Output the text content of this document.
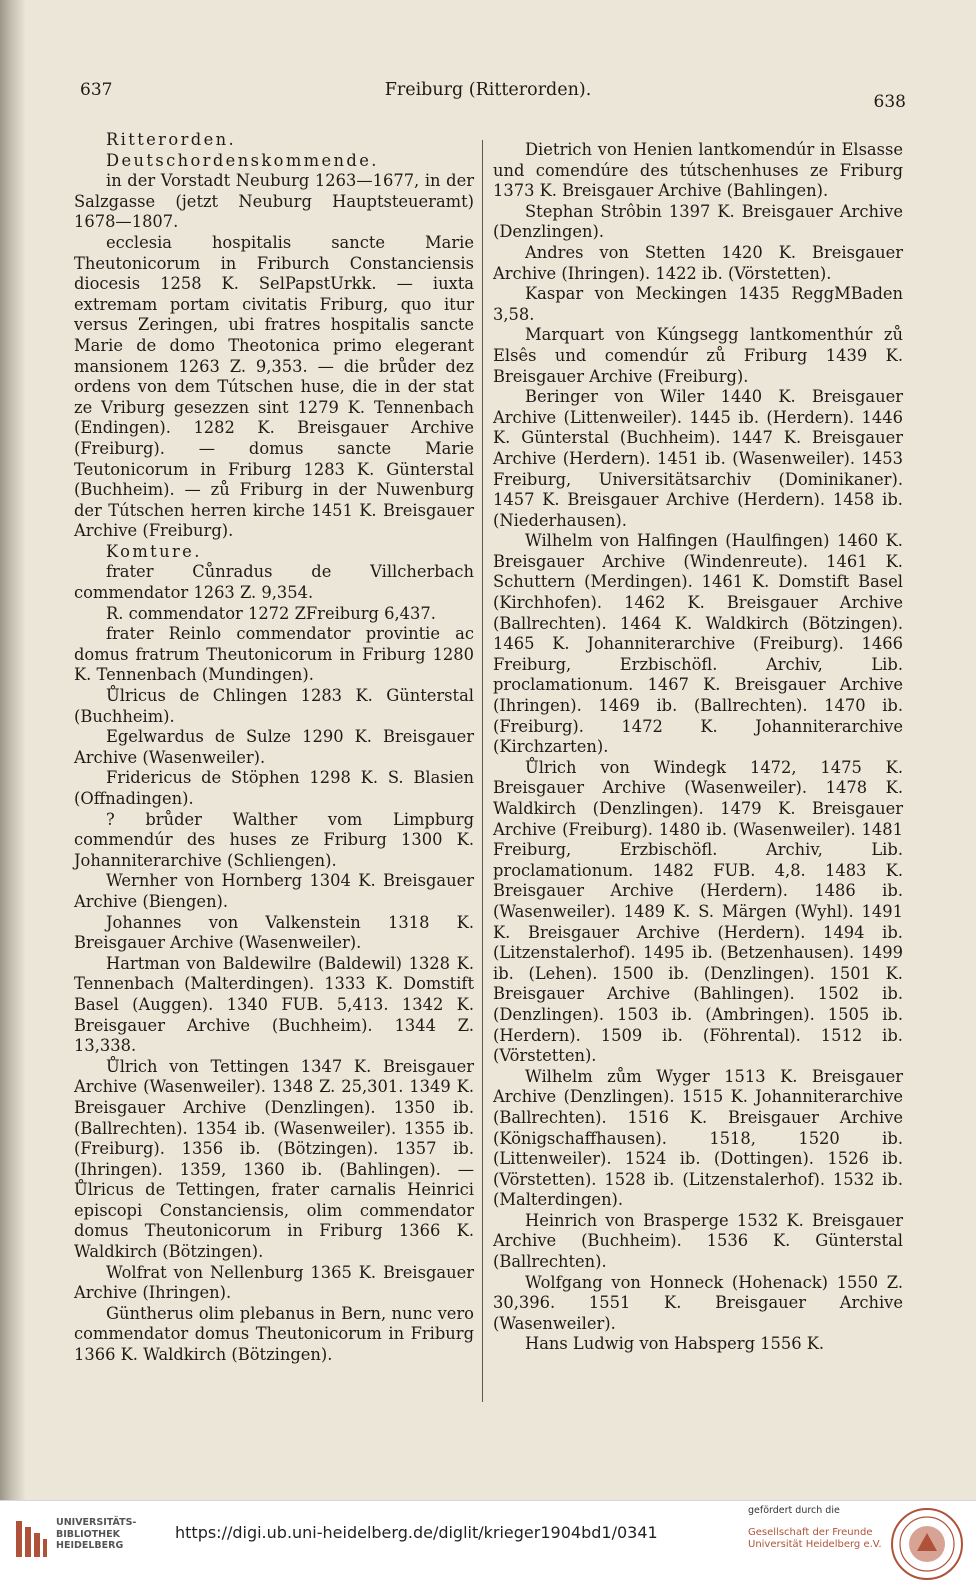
637	Freiburg (Ritterorden).
638

Ritterorden.

Deutschordenskommende.

in der Vorstadt Neuburg 1263—1677, in der Salzgasse (jetzt Neuburg Hauptsteueramt) 1678—1807.

ecclesia hospitalis sancte Marie Theutonicorum in Friburch Constanciensis diocesis 1258 K. SelPapstUrkk. — iuxta extremam portam civitatis Friburg, quo itur versus Zeringen, ubi fratres hospitalis sancte Marie de domo Theotonica primo elegerant mansionem 1263 Z. 9,353. — die brůder dez ordens von dem Tútschen huse, die in der stat ze Vriburg gesezzen sint 1279 K. Tennenbach (Endingen). 1282 K. Breisgauer Archive (Freiburg). — domus sancte Marie Teutonicorum in Friburg 1283 K. Günterstal (Buchheim). — zů Friburg in der Nuwenburg der Tútschen herren kirche 1451 K. Breisgauer Archive (Freiburg).

Komture.

frater Cůnradus de Villcherbach commendator 1263 Z. 9,354.

R. commendator 1272 ZFreiburg 6,437.

frater Reinlo commendator provintie ac domus fratrum Theutonicorum in Friburg 1280 K. Tennenbach (Mundingen).

Ůlricus de Chlingen 1283 K. Günterstal (Buchheim).

Egelwardus de Sulze 1290 K. Breisgauer Archive (Wasenweiler).

Fridericus de Stöphen 1298 K. S. Blasien (Offnadingen).

? brůder Walther vom Limpburg commendúr des huses ze Friburg 1300 K. Johanniterarchive (Schliengen).

Wernher von Hornberg 1304 K. Breisgauer Archive (Biengen).

Johannes von Valkenstein 1318 K. Breisgauer Archive (Wasenweiler).

Hartman von Baldewilre (Baldewil) 1328 K. Tennenbach (Malterdingen). 1333 K. Domstift Basel (Auggen). 1340 FUB. 5,413. 1342 K. Breisgauer Archive (Buchheim). 1344 Z. 13,338.

Ůlrich von Tettingen 1347 K. Breisgauer Archive (Wasenweiler). 1348 Z. 25,301. 1349 K. Breisgauer Archive (Denzlingen). 1350 ib. (Ballrechten). 1354 ib. (Wasenweiler). 1355 ib. (Freiburg). 1356 ib. (Bötzingen). 1357 ib. (Ihringen). 1359, 1360 ib. (Bahlingen). — Ůlricus de Tettingen, frater carnalis Heinrici episcopi Constanciensis, olim commendator domus Theutonicorum in Friburg 1366 K. Waldkirch (Bötzingen).

Wolfrat von Nellenburg 1365 K. Breisgauer Archive (Ihringen).

Güntherus olim plebanus in Bern, nunc vero commendator domus Theutonicorum in Friburg 1366 K. Waldkirch (Bötzingen).

Dietrich von Henien lantkomendúr in Elsasse und comendúre des tútschenhuses ze Friburg 1373 K. Breisgauer Archive (Bahlingen).

Stephan Strôbin 1397 K. Breisgauer Archive (Denzlingen).

Andres von Stetten 1420 K. Breisgauer Archive (Ihringen). 1422 ib. (Vörstetten).

Kaspar von Meckingen 1435 ReggMBaden 3,58.

Marquart von Kúngsegg lantkomenthúr zů Elsês und comendúr zů Friburg 1439 K. Breisgauer Archive (Freiburg).

Beringer von Wiler 1440 K. Breisgauer Archive (Littenweiler). 1445 ib. (Herdern). 1446 K. Günterstal (Buchheim). 1447 K. Breisgauer Archive (Herdern). 1451 ib. (Wasenweiler). 1453 Freiburg, Universitätsarchiv (Dominikaner). 1457 K. Breisgauer Archive (Herdern). 1458 ib. (Niederhausen).

Wilhelm von Halfingen (Haulfingen) 1460 K. Breisgauer Archive (Windenreute). 1461 K. Schuttern (Merdingen). 1461 K. Domstift Basel (Kirchhofen). 1462 K. Breisgauer Archive (Ballrechten). 1464 K. Waldkirch (Bötzingen). 1465 K. Johanniterarchive (Freiburg). 1466 Freiburg, Erzbischöfl. Archiv, Lib. proclamationum. 1467 K. Breisgauer Archive (Ihringen). 1469 ib. (Ballrechten). 1470 ib. (Freiburg). 1472 K. Johanniterarchive (Kirchzarten).

Ůlrich von Windegk 1472, 1475 K. Breisgauer Archive (Wasenweiler). 1478 K. Waldkirch (Denzlingen). 1479 K. Breisgauer Archive (Freiburg). 1480 ib. (Wasenweiler). 1481 Freiburg, Erzbischöfl. Archiv, Lib. proclamationum. 1482 FUB. 4,8. 1483 K. Breisgauer Archive (Herdern). 1486 ib. (Wasenweiler). 1489 K. S. Märgen (Wyhl). 1491 K. Breisgauer Archive (Herdern). 1494 ib. (Litzenstalerhof). 1495 ib. (Betzenhausen). 1499 ib. (Lehen). 1500 ib. (Denzlingen). 1501 K. Breisgauer Archive (Bahlingen). 1502 ib. (Denzlingen). 1503 ib. (Ambringen). 1505 ib. (Herdern). 1509 ib. (Föhrental). 1512 ib. (Vörstetten).

Wilhelm zům Wyger 1513 K. Breisgauer Archive (Denzlingen). 1515 K. Johanniterarchive (Ballrechten). 1516 K. Breisgauer Archive (Königschaffhausen). 1518, 1520 ib. (Littenweiler). 1524 ib. (Dottingen). 1526 ib. (Vörstetten). 1528 ib. (Litzenstalerhof). 1532 ib. (Malterdingen).

Heinrich von Brasperge 1532 K. Breisgauer Archive (Buchheim). 1536 K. Günterstal (Ballrechten).

Wolfgang von Honneck (Hohenack) 1550 Z. 30,396. 1551 K. Breisgauer Archive (Wasenweiler).

Hans Ludwig von Habsperg 1556 K.

UNIVERSITÄTS- BIBLIOTHEK HEIDELBERG
https://digi.ub.uni-heidelberg.de/diglit/krieger1904bd1/0341
gefördert durch die
Gesellschaft der Freunde Universität Heidelberg e.V.
